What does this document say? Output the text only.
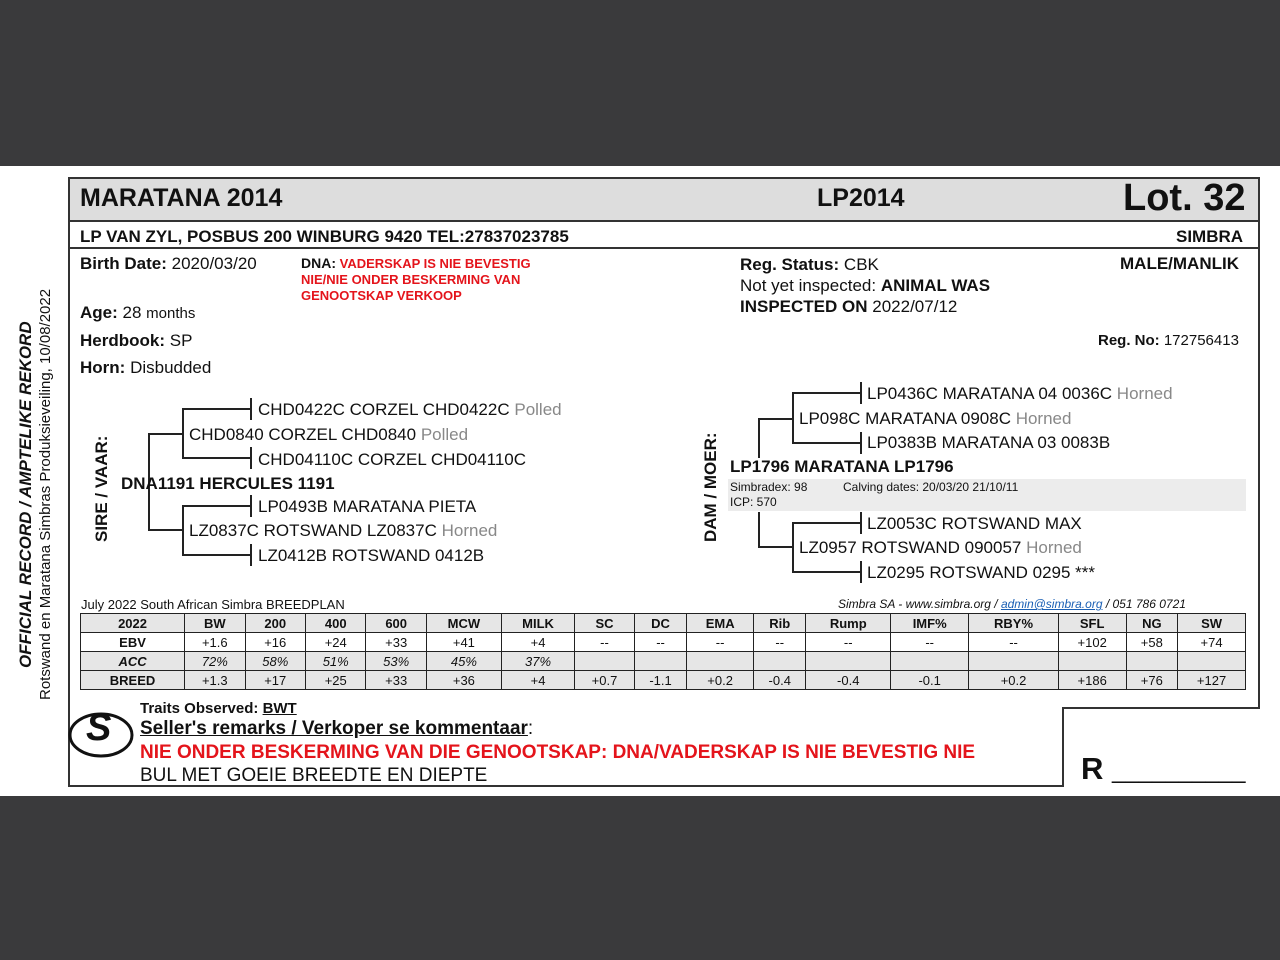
OFFICIAL RECORD / AMPTELIKE REKORD Rotswand en Maratana Simbras Produksieveiling, 10/08/2022
MARATANA 2014	LP2014	Lot. 32
LP VAN ZYL, POSBUS 200 WINBURG 9420 TEL:27837023785	SIMBRA
Birth Date: 2020/03/20	DNA: VADERSKAP IS NIE BEVESTIG
NIE/NIE ONDER BESKERMING VAN
GENOOTSKAP VERKOOP
Reg. Status: CBK
Not yet inspected: ANIMAL WAS
INSPECTED ON 2022/07/12
MALE/MANLIK
Age: 28 months
Herdbook: SP
Horn: Disbudded
Reg. No: 172756413
SIRE / VAAR:
CHD0422C CORZEL CHD0422C Polled
CHD0840 CORZEL CHD0840 Polled
CHD04110C CORZEL CHD04110C
DNA1191 HERCULES 1191
LP0493B MARATANA PIETA
LZ0837C ROTSWAND LZ0837C Horned
LZ0412B ROTSWAND 0412B
DAM / MOER:
LP0436C MARATANA 04 0036C Horned
LP098C MARATANA 0908C Horned
LP0383B MARATANA 03 0083B
LP1796 MARATANA LP1796
Simbradex: 98	Calving dates: 20/03/20 21/10/11
ICP: 570
LZ0053C ROTSWAND MAX
LZ0957 ROTSWAND 090057 Horned
LZ0295 ROTSWAND 0295 ***
July 2022 South African Simbra BREEDPLAN	Simbra SA - www.simbra.org / admin@simbra.org / 051 786 0721
2022	BW	200	400	600	MCW	MILK	SC	DC	EMA	Rib	Rump	IMF%	RBY%	SFL	NG	SW
EBV	+1.6	+16	+24	+33	+41	+4	--	--	--	--	--	--	--	+102	+58	+74
ACC	72%	58%	51%	53%	45%	37%										
BREED	+1.3	+17	+25	+33	+36	+4	+0.7	-1.1	+0.2	-0.4	-0.4	-0.1	+0.2	+186	+76	+127
S Traits Observed: BWT
Seller's remarks / Verkoper se kommentaar:
NIE ONDER BESKERMING VAN DIE GENOOTSKAP: DNA/VADERSKAP IS NIE BEVESTIG NIE
BUL MET GOEIE BREEDTE EN DIEPTE	R __________
